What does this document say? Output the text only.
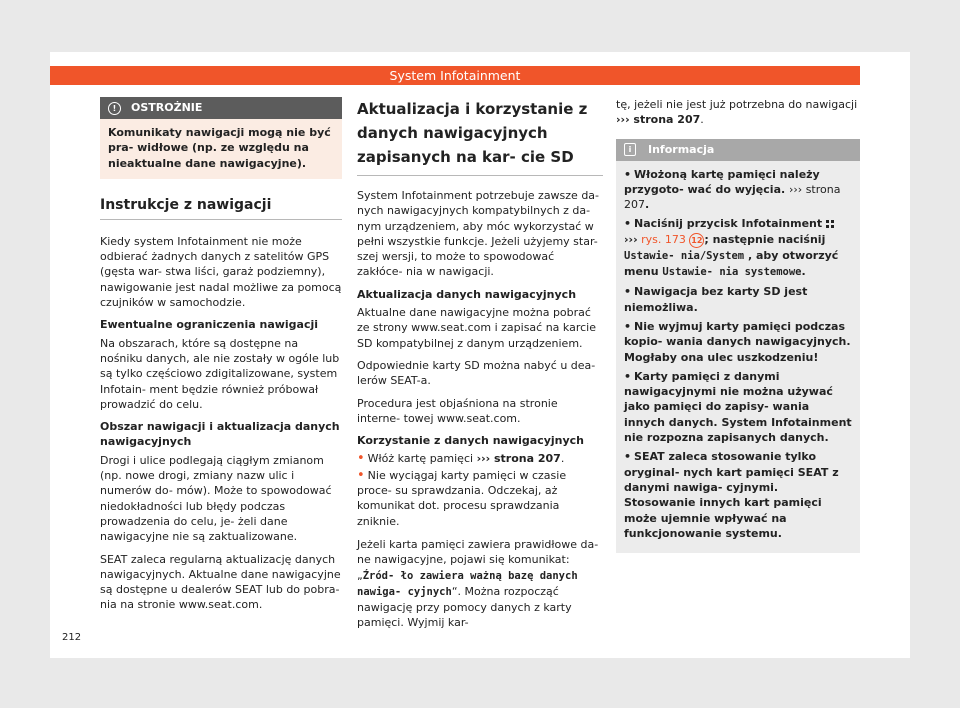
System Infotainment
!	OSTROŻNIE
Komunikaty nawigacji mogą nie być pra- widłowe (np. ze względu na nieaktualne dane nawigacyjne).
Instrukcje z nawigacji

Kiedy system Infotainment nie może odbierać żadnych danych z satelitów GPS (gęsta war- stwa liści, garaż podziemny), nawigowanie jest nadal możliwe za pomocą czujników w samochodzie.

Ewentualne ograniczenia nawigacji

Na obszarach, które są dostępne na nośniku danych, ale nie zostały w ogóle lub są tylko częściowo zdigitalizowane, system Infotain- ment będzie również próbował prowadzić do celu.

Obszar nawigacji i aktualizacja danych nawigacyjnych

Drogi i ulice podlegają ciągłym zmianom (np. nowe drogi, zmiany nazw ulic i numerów do- mów). Może to spowodować niedokładności lub błędy podczas prowadzenia do celu, je- żeli dane nawigacyjne nie są zaktualizowane.

SEAT zaleca regularną aktualizację danych nawigacyjnych. Aktualne dane nawigacyjne są dostępne u dealerów SEAT lub do pobra- nia na stronie www.seat.com.

Aktualizacja i korzystanie z danych nawigacyjnych zapisanych na kar- cie SD

System Infotainment potrzebuje zawsze da- nych nawigacyjnych kompatybilnych z da- nym urządzeniem, aby móc wykorzystać w pełni wszystkie funkcje. Jeżeli użyjemy star- szej wersji, to może to spowodować zakłóce- nia w nawigacji.

Aktualizacja danych nawigacyjnych

Aktualne dane nawigacyjne można pobrać ze strony www.seat.com i zapisać na karcie SD kompatybilnej z danym urządzeniem.

Odpowiednie karty SD można nabyć u dea- lerów SEAT-a.

Procedura jest objaśniona na stronie interne- towej www.seat.com.

Korzystanie z danych nawigacyjnych

• Włóż kartę pamięci ››› strona 207.
• Nie wyciągaj karty pamięci w czasie proce- su sprawdzania. Odczekaj, aż komunikat dot. procesu sprawdzania zniknie.

Jeżeli karta pamięci zawiera prawidłowe da- ne nawigacyjne, pojawi się komunikat: „Źród- ło zawiera ważną bazę danych nawiga- cyjnych“. Można rozpocząć nawigację przy pomocy danych z karty pamięci. Wyjmij kar-

tę, jeżeli nie jest już potrzebna do nawigacji ››› strona 207.

i	Informacja
• Włożoną kartę pamięci należy przygoto- wać do wyjęcia. ››› strona 207.
• Naciśnij przycisk Infotainment
››› rys. 173 12 ; następnie naciśnij Ustawie- nia/System , aby otworzyć menu Ustawie- nia systemowe.
• Nawigacja bez karty SD jest niemożliwa.
• Nie wyjmuj karty pamięci podczas kopio- wania danych nawigacyjnych. Mogłaby ona ulec uszkodzeniu!
• Karty pamięci z danymi nawigacyjnymi nie można używać jako pamięci do zapisy- wania innych danych. System Infotainment nie rozpozna zapisanych danych.
• SEAT zaleca stosowanie tylko oryginal- nych kart pamięci SEAT z danymi nawiga- cyjnymi. Stosowanie innych kart pamięci może ujemnie wpływać na funkcjonowanie systemu.
212
